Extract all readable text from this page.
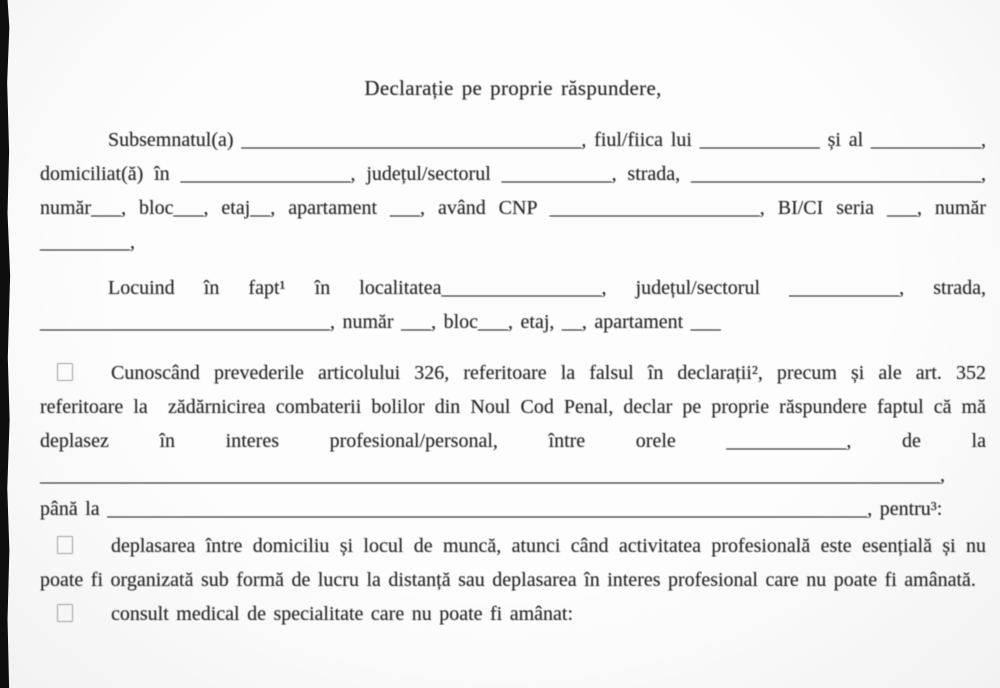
Declarație pe proprie răspundere,

Subsemnatul(a) __________________________________, fiul/fiica lui ____________ și al ___________, domiciliat(ă) în _________________, județul/sectorul ___________, strada, _____________________________, număr___, bloc___, etaj__, apartament ___, având CNP _____________________, BI/CI seria ___, număr _________,

Locuind în fapt¹ în localitatea________________, județul/sectorul ___________, strada, _____________________________, număr ___, bloc___, etaj, __, apartament ___

Cunoscând prevederile articolului 326, referitoare la falsul în declarații², precum și ale art. 352 referitoare la  zădărnicirea combaterii bolilor din Noul Cod Penal, declar pe proprie răspundere faptul că mă deplasez în interes profesional/personal, între orele ____________, de la __________________________________________________________________________________________, până la ____________________________________________________________________________, pentru³:

deplasarea între domiciliu și locul de muncă, atunci când activitatea profesională este esențială și nu poate fi organizată sub formă de lucru la distanță sau deplasarea în interes profesional care nu poate fi amânată.

consult medical de specialitate care nu poate fi amânat:
